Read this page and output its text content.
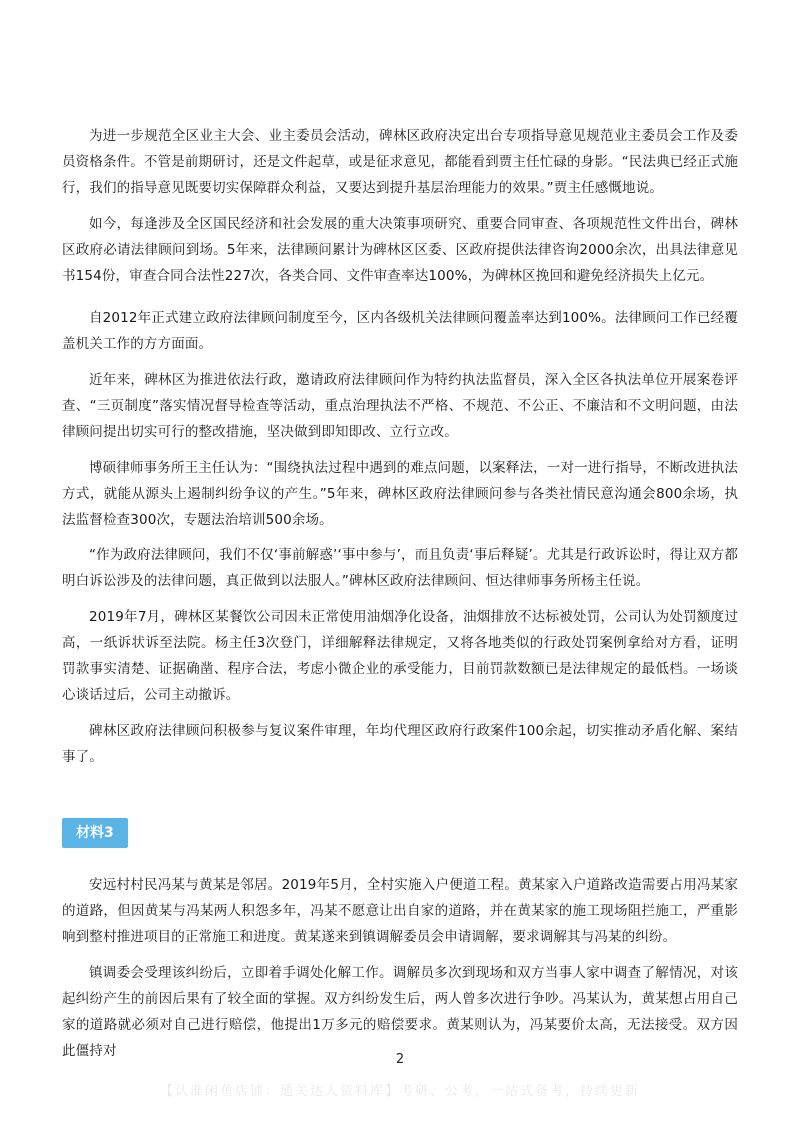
为进一步规范全区业主大会、业主委员会活动，碑林区政府决定出台专项指导意见规范业主委员会工作及委员资格条件。不管是前期研讨，还是文件起草，或是征求意见，都能看到贾主任忙碌的身影。“民法典已经正式施行，我们的指导意见既要切实保障群众利益，又要达到提升基层治理能力的效果。”贾主任感慨地说。

如今，每逢涉及全区国民经济和社会发展的重大决策事项研究、重要合同审查、各项规范性文件出台，碑林区政府必请法律顾问到场。5年来，法律顾问累计为碑林区区委、区政府提供法律咨询2000余次，出具法律意见书154份，审查合同合法性227次，各类合同、文件审查率达100%，为碑林区挽回和避免经济损失上亿元。

自2012年正式建立政府法律顾问制度至今，区内各级机关法律顾问覆盖率达到100%。法律顾问工作已经覆盖机关工作的方方面面。

近年来，碑林区为推进依法行政，邀请政府法律顾问作为特约执法监督员，深入全区各执法单位开展案卷评查、“三页制度”落实情况督导检查等活动，重点治理执法不严格、不规范、不公正、不廉洁和不文明问题，由法律顾问提出切实可行的整改措施，坚决做到即知即改、立行立改。

博硕律师事务所王主任认为：“围绕执法过程中遇到的难点问题，以案释法，一对一进行指导，不断改进执法方式，就能从源头上遏制纠纷争议的产生。”5年来，碑林区政府法律顾问参与各类社情民意沟通会800余场，执法监督检查300次，专题法治培训500余场。

“作为政府法律顾问，我们不仅‘事前解惑’‘事中参与’，而且负责‘事后释疑’。尤其是行政诉讼时，得让双方都明白诉讼涉及的法律问题，真正做到以法服人。”碑林区政府法律顾问、恒达律师事务所杨主任说。

2019年7月，碑林区某餐饮公司因未正常使用油烟净化设备，油烟排放不达标被处罚，公司认为处罚额度过高，一纸诉状诉至法院。杨主任3次登门，详细解释法律规定，又将各地类似的行政处罚案例拿给对方看，证明罚款事实清楚、证据确凿、程序合法，考虑小微企业的承受能力，目前罚款数额已是法律规定的最低档。一场谈心谈话过后，公司主动撤诉。

碑林区政府法律顾问积极参与复议案件审理，年均代理区政府行政案件100余起，切实推动矛盾化解、案结事了。

材料3

安远村村民冯某与黄某是邻居。2019年5月，全村实施入户便道工程。黄某家入户道路改造需要占用冯某家的道路，但因黄某与冯某两人积怨多年，冯某不愿意让出自家的道路，并在黄某家的施工现场阻拦施工，严重影响到整村推进项目的正常施工和进度。黄某遂来到镇调解委员会申请调解，要求调解其与冯某的纠纷。

镇调委会受理该纠纷后，立即着手调处化解工作。调解员多次到现场和双方当事人家中调查了解情况，对该起纠纷产生的前因后果有了较全面的掌握。双方纠纷发生后，两人曾多次进行争吵。冯某认为，黄某想占用自己家的道路就必须对自己进行赔偿，他提出1万多元的赔偿要求。黄某则认为，冯某要价太高，无法接受。双方因此僵持对

2
【认准闲鱼店铺：通关达人资料库】考研、公考，一站式备考，持续更新
